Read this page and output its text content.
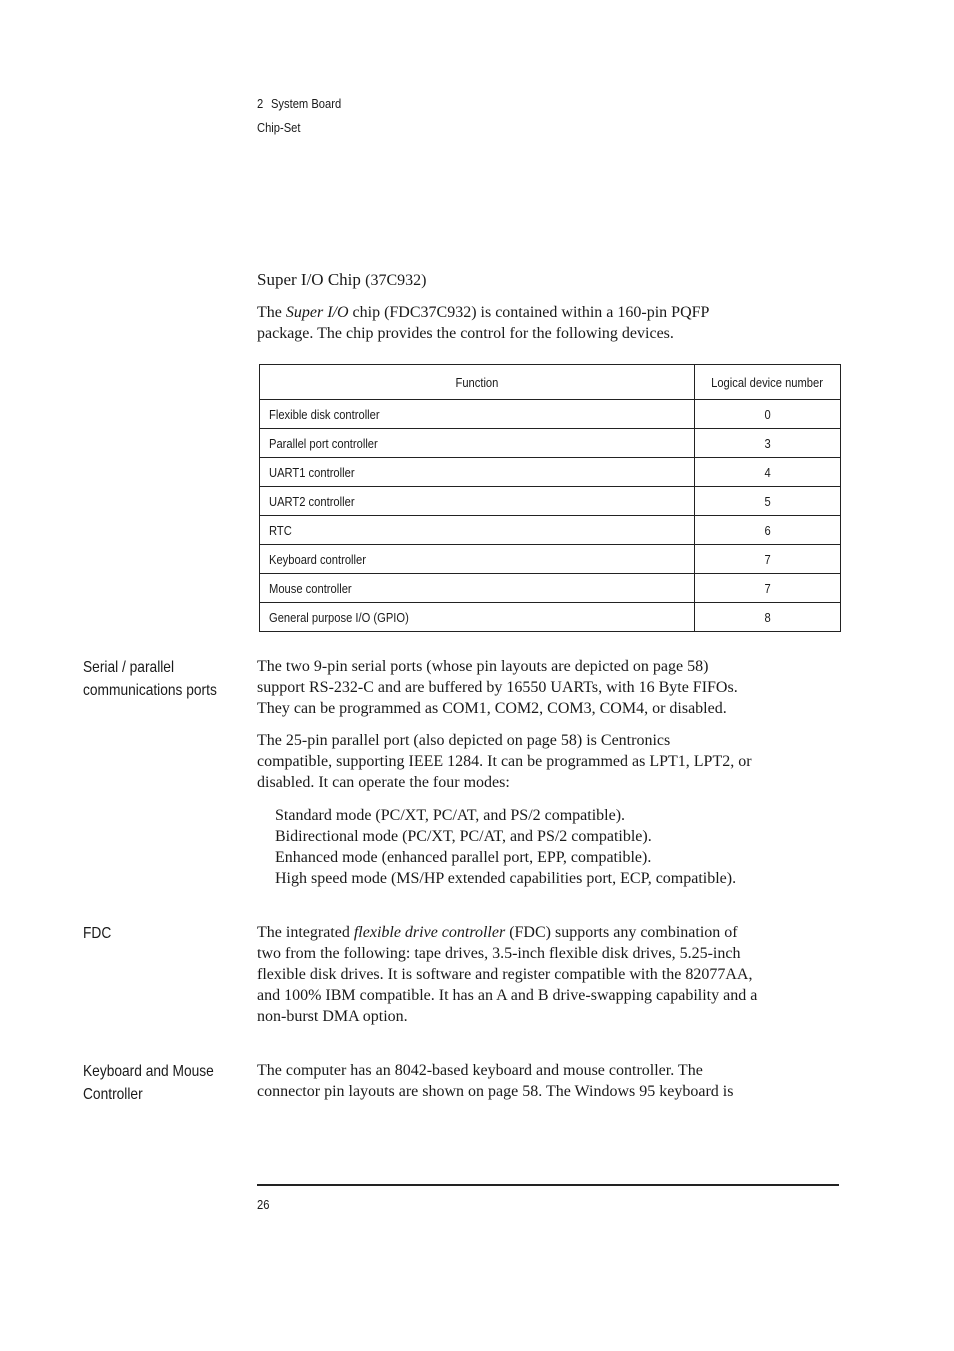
2 System Board
Chip-Set
Super I/O Chip (37C932)

The Super I/O chip (FDC37C932) is contained within a 160-pin PQFP
package. The chip provides the control for the following devices.

Function	Logical device number
Flexible disk controller	0
Parallel port controller	3
UART1 controller	4
UART2 controller	5
RTC	6
Keyboard controller	7
Mouse controller	7
General purpose I/O (GPIO)	8
Serial / parallel
communications ports

The two 9-pin serial ports (whose pin layouts are depicted on page 58)
support RS-232-C and are buffered by 16550 UARTs, with 16 Byte FIFOs.
They can be programmed as COM1, COM2, COM3, COM4, or disabled.

The 25-pin parallel port (also depicted on page 58) is Centronics
compatible, supporting IEEE 1284. It can be programmed as LPT1, LPT2, or
disabled. It can operate the four modes:

Standard mode (PC/XT, PC/AT, and PS/2 compatible).
Bidirectional mode (PC/XT, PC/AT, and PS/2 compatible).
Enhanced mode (enhanced parallel port, EPP, compatible).
High speed mode (MS/HP extended capabilities port, ECP, compatible).
FDC	The integrated flexible drive controller (FDC) supports any combination of
two from the following: tape drives, 3.5-inch flexible disk drives, 5.25-inch
flexible disk drives. It is software and register compatible with the 82077AA,
and 100% IBM compatible. It has an A and B drive-swapping capability and a
non-burst DMA option.

Keyboard and Mouse
Controller

The computer has an 8042-based keyboard and mouse controller. The
connector pin layouts are shown on page 58. The Windows 95 keyboard is

26
